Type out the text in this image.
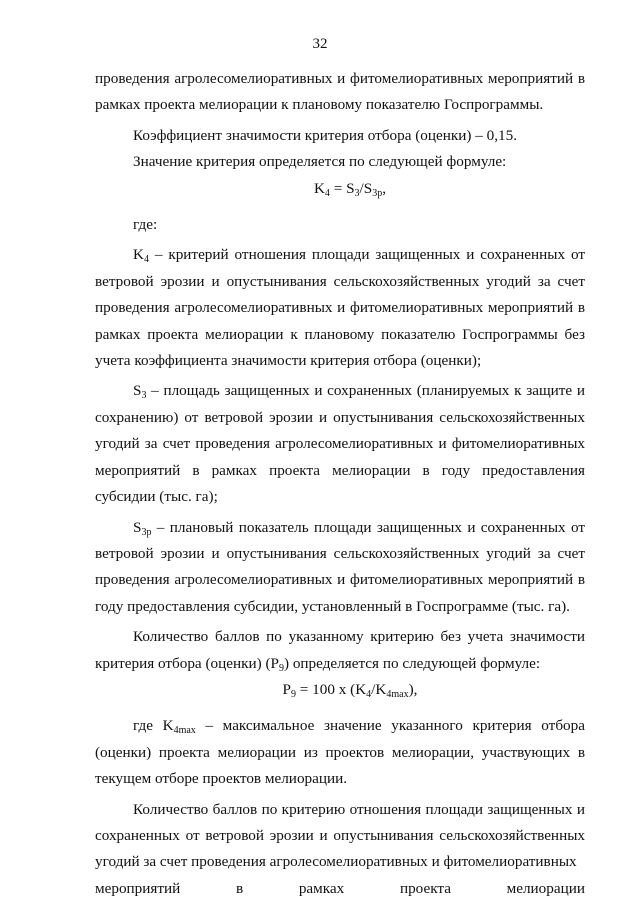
32

проведения агролесомелиоративных и фитомелиоративных мероприятий в рамках проекта мелиорации к плановому показателю Госпрограммы.

Коэффициент значимости критерия отбора (оценки) – 0,15.

Значение критерия определяется по следующей формуле:

$K_4 = S_3/S_{3р}$,

где:

$K_4$ – критерий отношения площади защищенных и сохраненных от ветровой эрозии и опустынивания сельскохозяйственных угодий за счет проведения агролесомелиоративных и фитомелиоративных мероприятий в рамках проекта мелиорации к плановому показателю Госпрограммы без учета коэффициента значимости критерия отбора (оценки);

$S_3$ – площадь защищенных и сохраненных (планируемых к защите и сохранению) от ветровой эрозии и опустынивания сельскохозяйственных угодий за счет проведения агролесомелиоративных и фитомелиоративных мероприятий в рамках проекта мелиорации в году предоставления субсидии (тыс. га);

$S_{3р}$ – плановый показатель площади защищенных и сохраненных от ветровой эрозии и опустынивания сельскохозяйственных угодий за счет проведения агролесомелиоративных и фитомелиоративных мероприятий в году предоставления субсидии, установленный в Госпрограмме (тыс. га).

Количество баллов по указанному критерию без учета значимости критерия отбора (оценки) $(P_9)$ определяется по следующей формуле:

$P_9 = 100$ x $(K_4/K_{4max})$,

где $K_{4max}$ – максимальное значение указанного критерия отбора (оценки) проекта мелиорации из проектов мелиорации, участвующих в текущем отборе проектов мелиорации.

Количество баллов по критерию отношения площади защищенных и сохраненных от ветровой эрозии и опустынивания сельскохозяйственных угодий за счет проведения агролесомелиоративных и фитомелиоративных

мероприятий	в	рамках	проекта	мелиорации
